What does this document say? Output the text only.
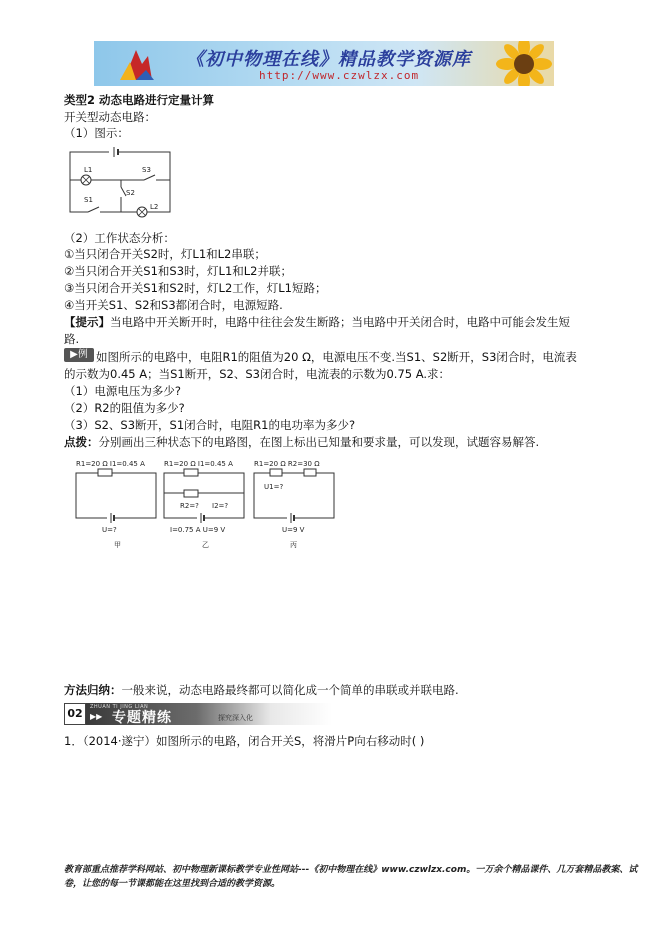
《初中物理在线》精品教学资源库
http://www.czwlzx.com
类型2 动态电路进行定量计算
开关型动态电路：
（1）图示：
L1	S3
S2
S1
L2
（2）工作状态分析：
①当只闭合开关S2时，灯L1和L2串联；
②当只闭合开关S1和S3时，灯L1和L2并联；
③当只闭合开关S1和S2时，灯L2工作，灯L1短路；
④当开关S1、S2和S3都闭合时，电源短路.
【提示】当电路中开关断开时，电路中往往会发生断路；当电路中开关闭合时，电路中可能会发生短
路.
▶例 如图所示的电路中，电阻R1的阻值为20 Ω，电源电压不变.当S1、S2断开，S3闭合时，电流表
的示数为0.45 A；当S1断开，S2、S3闭合时，电流表的示数为0.75 A.求：
（1）电源电压为多少?
（2）R2的阻值为多少?
（3）S2、S3断开，S1闭合时，电阻R1的电功率为多少?
点拨：分别画出三种状态下的电路图，在图上标出已知量和要求量，可以发现，试题容易解答.
R1=20 Ω I1=0.45 A
U=?
甲
R1=20 Ω I1=0.45 A
R2=? I2=?
I=0.75 A U=9 V
乙
R1=20 Ω R2=30 Ω
U1=?
U=9 V
丙
方法归纳：一般来说，动态电路最终都可以简化成一个简单的串联或并联电路.
02	ZHUAN TI JING LIAN
▶▶ 专题精练	探究深入化
1．（2014·遂宁）如图所示的电路，闭合开关S，将滑片P向右移动时( )
教育部重点推荐学科网站、初中物理新课标教学专业性网站---《初中物理在线》www.czwlzx.com。一万余个精品课件、几万套精品教案、试卷，让您的每一节课都能在这里找到合适的教学资源。
